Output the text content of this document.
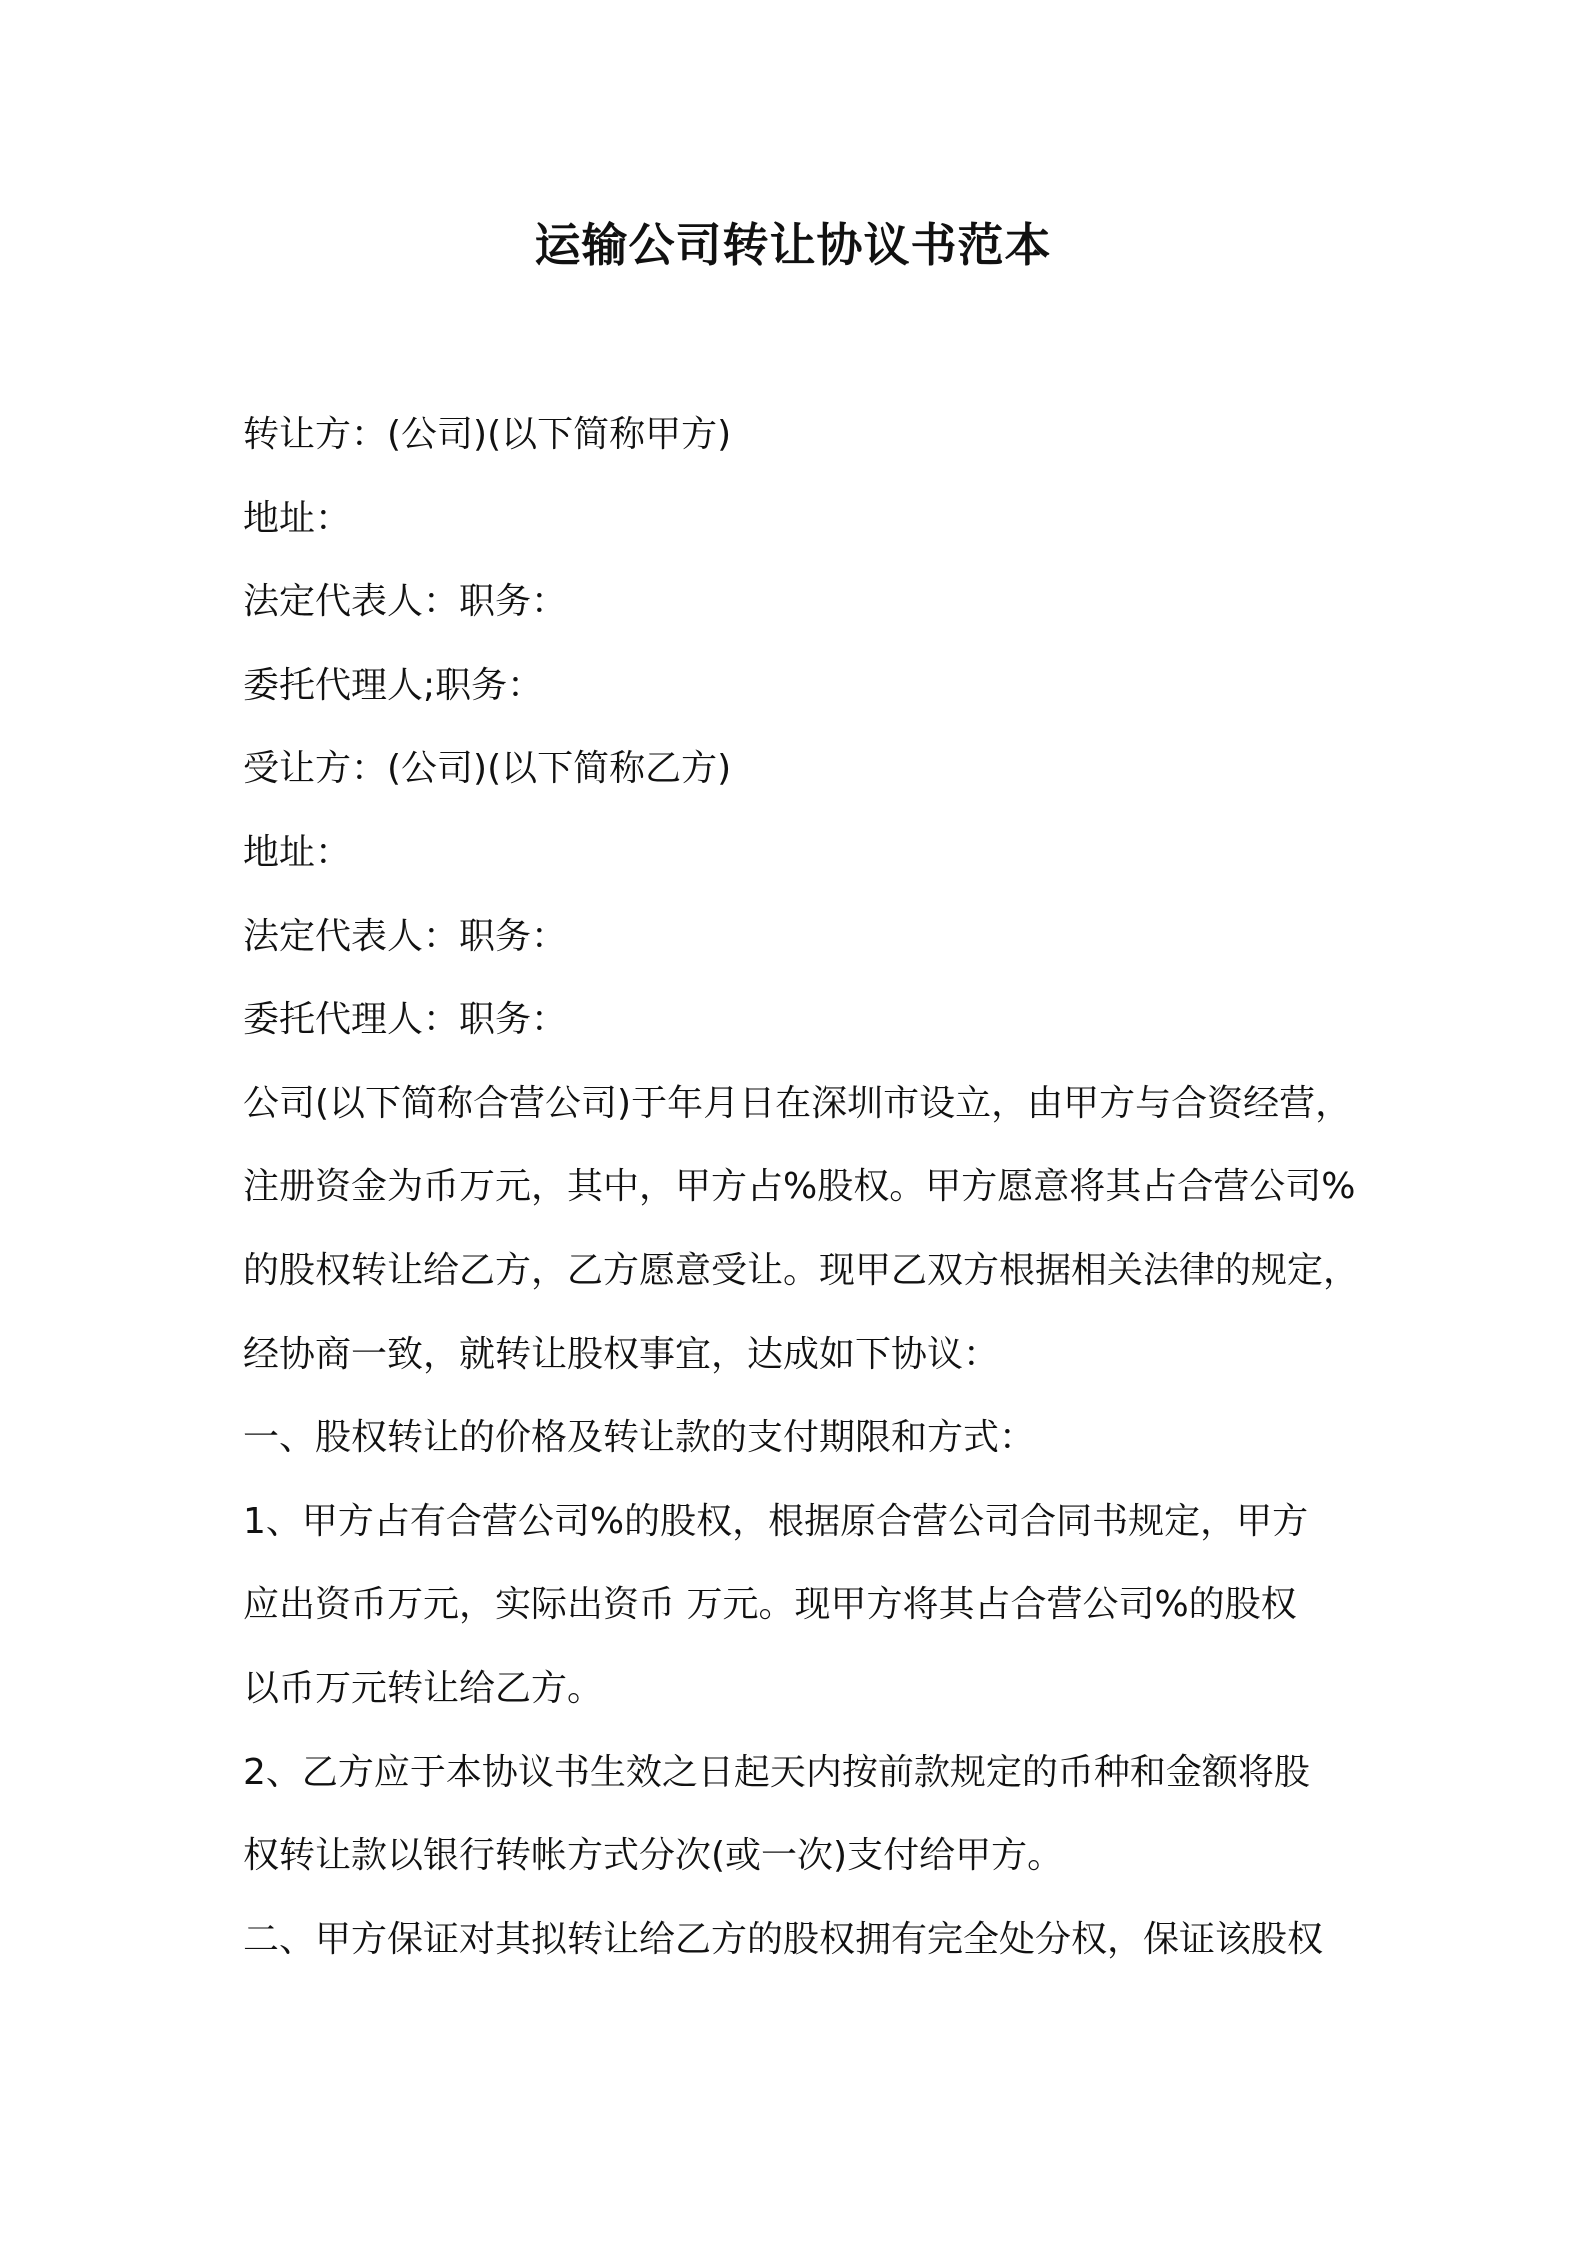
运输公司转让协议书范本
转让方：(公司)(以下简称甲方)
地址：
法定代表人：职务：
委托代理人;职务：
受让方：(公司)(以下简称乙方)
地址：
法定代表人：职务：
委托代理人：职务：
公司(以下简称合营公司)于年月日在深圳市设立，由甲方与合资经营，
注册资金为币万元，其中，甲方占%股权。甲方愿意将其占合营公司%
的股权转让给乙方，乙方愿意受让。现甲乙双方根据相关法律的规定，
经协商一致，就转让股权事宜，达成如下协议：
一、股权转让的价格及转让款的支付期限和方式：
1、甲方占有合营公司%的股权，根据原合营公司合同书规定，甲方
应出资币万元，实际出资币 万元。现甲方将其占合营公司%的股权
以币万元转让给乙方。
2、乙方应于本协议书生效之日起天内按前款规定的币种和金额将股
权转让款以银行转帐方式分次(或一次)支付给甲方。
二、甲方保证对其拟转让给乙方的股权拥有完全处分权，保证该股权
